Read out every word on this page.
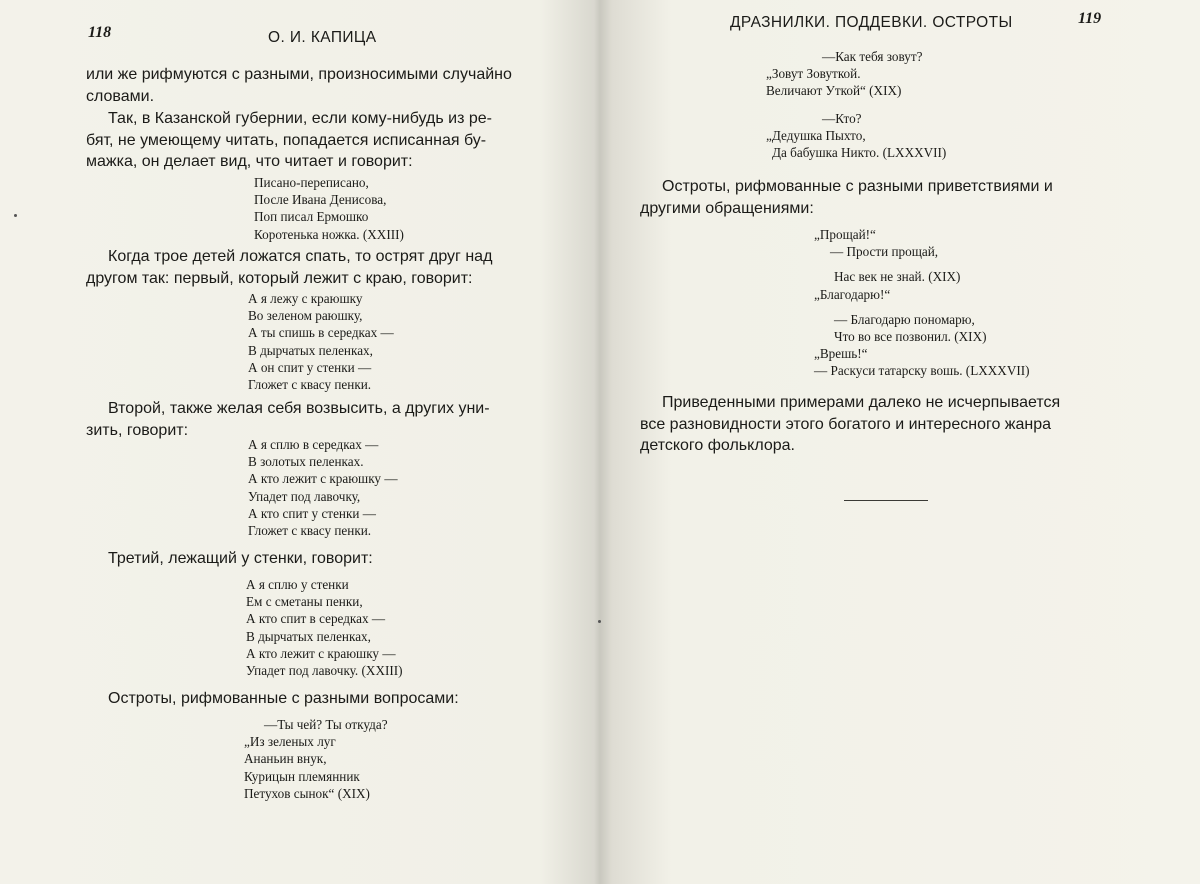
118	О. И. КАПИЦА
или же рифмуются с разными, произносимыми случайно
словами.
Так, в Казанской губернии, если кому-нибудь из ре-
бят, не умеющему читать, попадается исписанная бу-
мажка, он делает вид, что читает и говорит:
Писано-переписано,
После Ивана Денисова,
Поп писал Ермошко
Коротенька ножка. (XXIII)
Когда трое детей ложатся спать, то острят друг над
другом так: первый, который лежит с краю, говорит:
А я лежу с краюшку
Во зеленом раюшку,
А ты спишь в середках —
В дырчатых пеленках,
А он спит у стенки —
Гложет с квасу пенки.
Второй, также желая себя возвысить, а других уни-
зить, говорит:
А я сплю в середках —
В золотых пеленках.
А кто лежит с краюшку —
Упадет под лавочку,
А кто спит у стенки —
Гложет с квасу пенки.
Третий, лежащий у стенки, говорит:
А я сплю у стенки
Ем с сметаны пенки,
А кто спит в середках —
В дырчатых пеленках,
А кто лежит с краюшку —
Упадет под лавочку. (XXIII)
Остроты, рифмованные с разными вопросами:
—Ты чей? Ты откуда?
„Из зеленых луг
Ананьин внук,
Курицын племянник
Петухов сынок“ (XIX)
ДРАЗНИЛКИ. ПОДДЕВКИ. ОСТРОТЫ	119
—Как тебя зовут?
„Зовут Зовуткой.
Величают Уткой“ (XIX)
—Кто?
„Дедушка Пыхто,
Да бабушка Никто. (LXXXVII)
Остроты, рифмованные с разными приветствиями и
другими обращениями:
„Прощай!“
— Прости прощай,
Нас век не знай. (XIX)
„Благодарю!“
— Благодарю пономарю,
Что во все позвонил. (XIX)
„Врешь!“
— Раскуси татарску вошь. (LXXXVII)
Приведенными примерами далеко не исчерпывается
все разновидности этого богатого и интересного жанра
детского фольклора.
